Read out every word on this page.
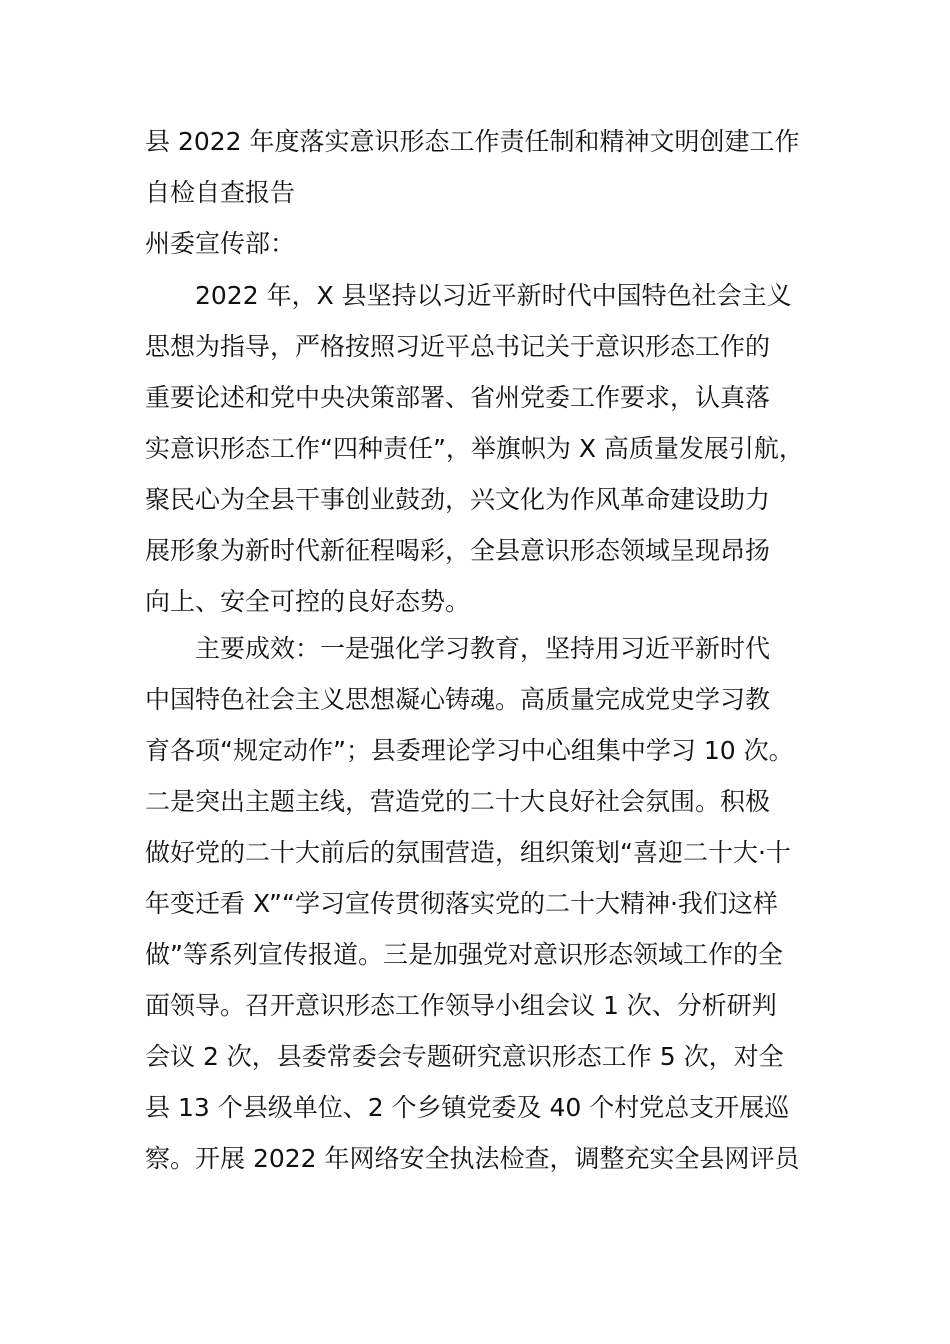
县 2022 年度落实意识形态工作责任制和精神文明创建工作
自检自查报告
州委宣传部：
2022 年，X 县坚持以习近平新时代中国特色社会主义
思想为指导，严格按照习近平总书记关于意识形态工作的
重要论述和党中央决策部署、省州党委工作要求，认真落
实意识形态工作“四种责任”，举旗帜为 X 高质量发展引航，
聚民心为全县干事创业鼓劲，兴文化为作风革命建设助力
展形象为新时代新征程喝彩，全县意识形态领域呈现昂扬
向上、安全可控的良好态势。
主要成效：一是强化学习教育，坚持用习近平新时代
中国特色社会主义思想凝心铸魂。高质量完成党史学习教
育各项“规定动作”；县委理论学习中心组集中学习 10 次。
二是突出主题主线，营造党的二十大良好社会氛围。积极
做好党的二十大前后的氛围营造，组织策划“喜迎二十大·十
年变迁看 X”“学习宣传贯彻落实党的二十大精神·我们这样
做”等系列宣传报道。三是加强党对意识形态领域工作的全
面领导。召开意识形态工作领导小组会议 1 次、分析研判
会议 2 次，县委常委会专题研究意识形态工作 5 次，对全
县 13 个县级单位、2 个乡镇党委及 40 个村党总支开展巡
察。开展 2022 年网络安全执法检查，调整充实全县网评员
